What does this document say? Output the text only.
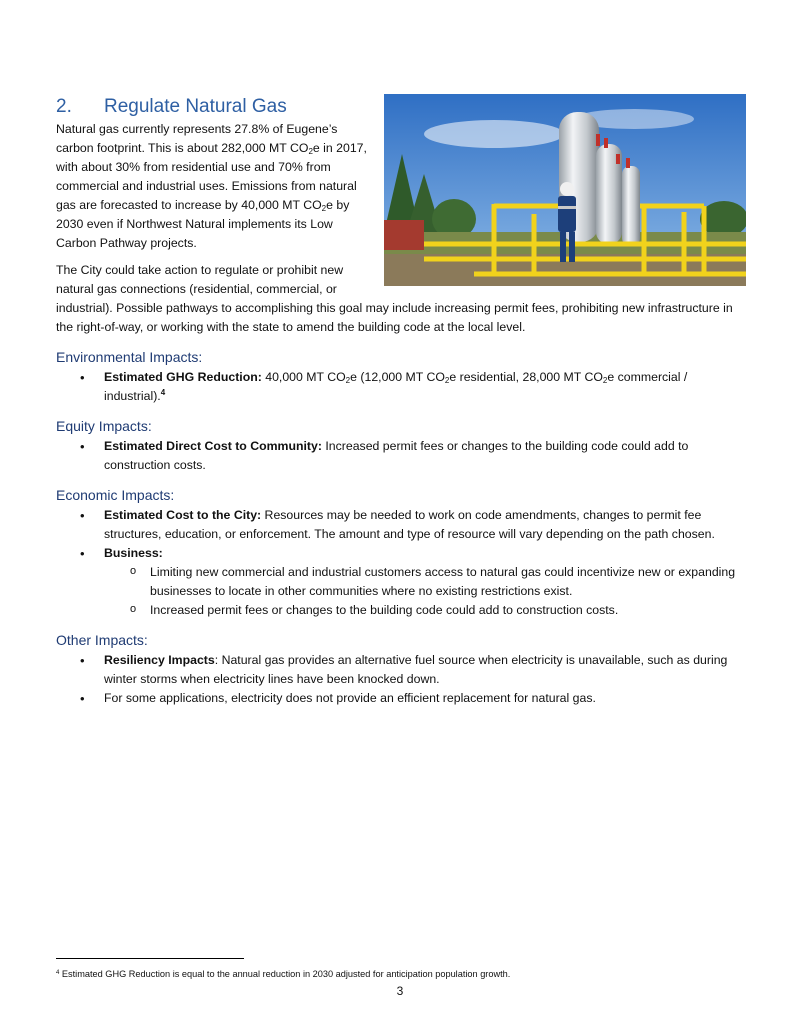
2. Regulate Natural Gas

Natural gas currently represents 27.8% of Eugene’s carbon footprint. This is about 282,000 MT $CO_2e$ in 2017, with about 30% from residential use and 70% from commercial and industrial uses. Emissions from natural gas are forecasted to increase by 40,000 MT $CO_2e$ by 2030 even if Northwest Natural implements its Low Carbon Pathway projects.

The City could take action to regulate or prohibit new natural gas connections (residential, commercial, or industrial). Possible pathways to accomplishing this goal may include increasing permit fees, prohibiting new infrastructure in the right-of-way, or working with the state to amend the building code at the local level.

Environmental Impacts:
• Estimated GHG Reduction: 40,000 MT $CO_2e$ (12,000 MT $CO_2e$ residential, 28,000 MT $CO_2e$ commercial / industrial).$^4$
Equity Impacts:
• Estimated Direct Cost to Community: Increased permit fees or changes to the building code could add to construction costs.
Economic Impacts:
• Estimated Cost to the City: Resources may be needed to work on code amendments, changes to permit fee structures, education, or enforcement. The amount and type of resource will vary depending on the path chosen.
• Business:
o Limiting new commercial and industrial customers access to natural gas could incentivize new or expanding businesses to locate in other communities where no existing restrictions exist.
o Increased permit fees or changes to the building code could add to construction costs.
Other Impacts:
• Resiliency Impacts: Natural gas provides an alternative fuel source when electricity is unavailable, such as during winter storms when electricity lines have been knocked down.
• For some applications, electricity does not provide an efficient replacement for natural gas.
$^4$ Estimated GHG Reduction is equal to the annual reduction in 2030 adjusted for anticipation population growth.
3
